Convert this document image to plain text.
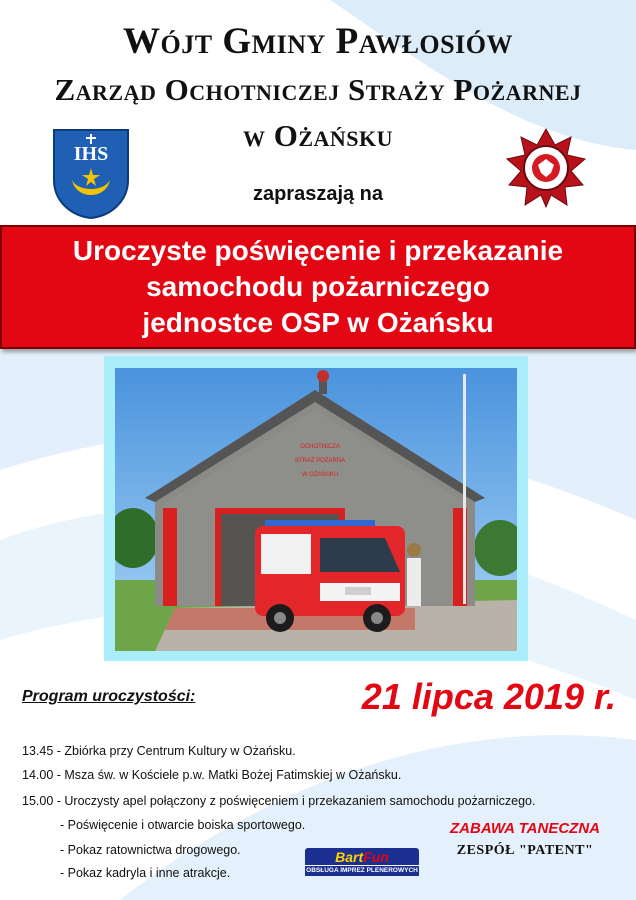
Wójt Gminy Pawłosiów
Zarząd Ochotniczej Straży Pożarnej
w Ożańsku
IHS
zapraszają na
Uroczyste poświęcenie i przekazanie
samochodu pożarniczego
jednostce OSP w Ożańsku
OCHOTNICZA
STRAŻ POŻARNA
W OŻAŃSKU
Program uroczystości:	21 lipca 2019 r.
13.45 - Zbiórka przy Centrum Kultury w Ożańsku.
14.00 - Msza św. w Kościele p.w. Matki Bożej Fatimskiej w Ożańsku.
15.00 - Uroczysty apel połączony z poświęceniem i przekazaniem samochodu pożarniczego.
- Poświęcenie i otwarcie boiska sportowego.
- Pokaz ratownictwa drogowego.
- Pokaz kadryla i inne atrakcje.
ZABAWA TANECZNA
ZESPÓŁ "PATENT"
Bart Fun
OBSŁUGA IMPREZ PLENEROWYCH
